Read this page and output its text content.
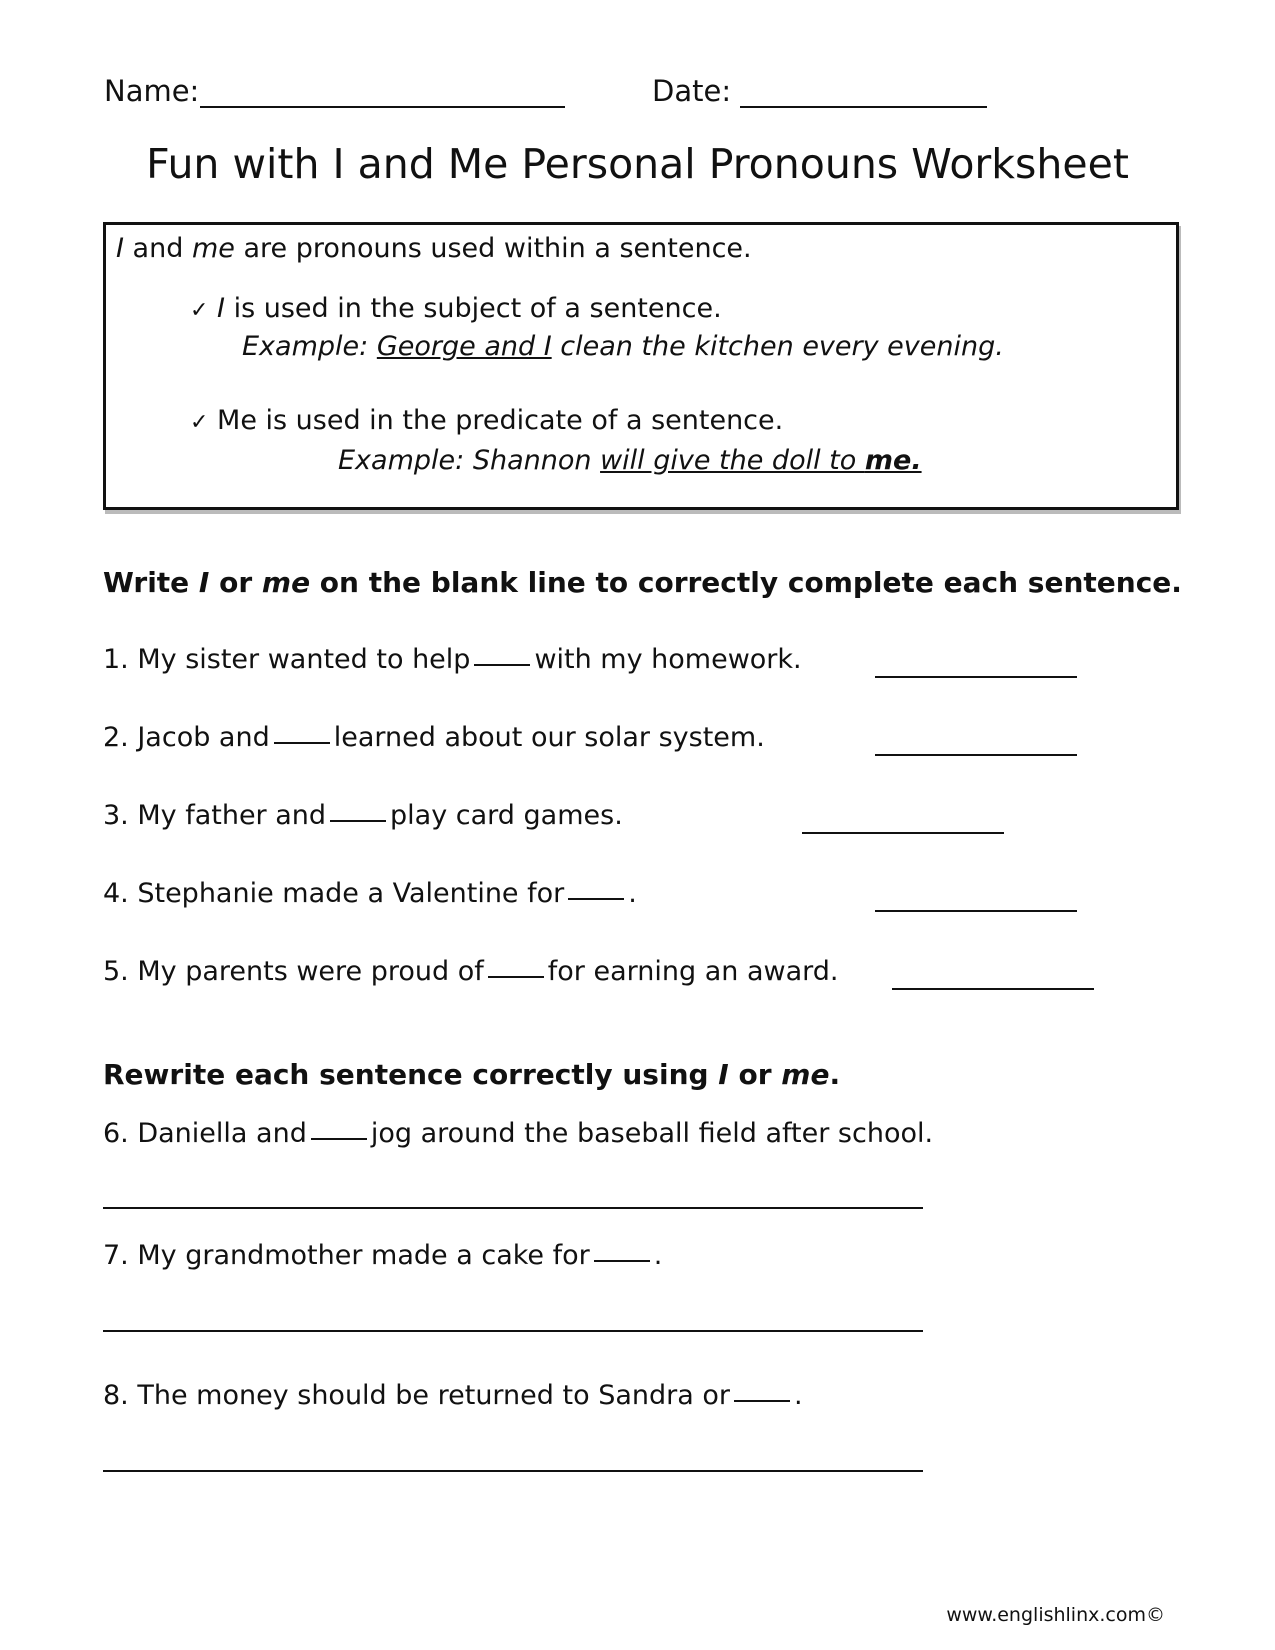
Name:	Date:
Fun with I and Me Personal Pronouns Worksheet
I and me are pronouns used within a sentence.
✓ I is used in the subject of a sentence.
Example: George and I clean the kitchen every evening.
✓ Me is used in the predicate of a sentence.
Example: Shannon will give the doll to me.
Write I or me on the blank line to correctly complete each sentence.
1. My sister wanted to help with my homework.
2. Jacob and learned about our solar system.
3. My father and play card games.
4. Stephanie made a Valentine for .
5. My parents were proud of for earning an award.
Rewrite each sentence correctly using I or me.
6. Daniella and jog around the baseball field after school.
7. My grandmother made a cake for .
8. The money should be returned to Sandra or .
www.englishlinx.com©
